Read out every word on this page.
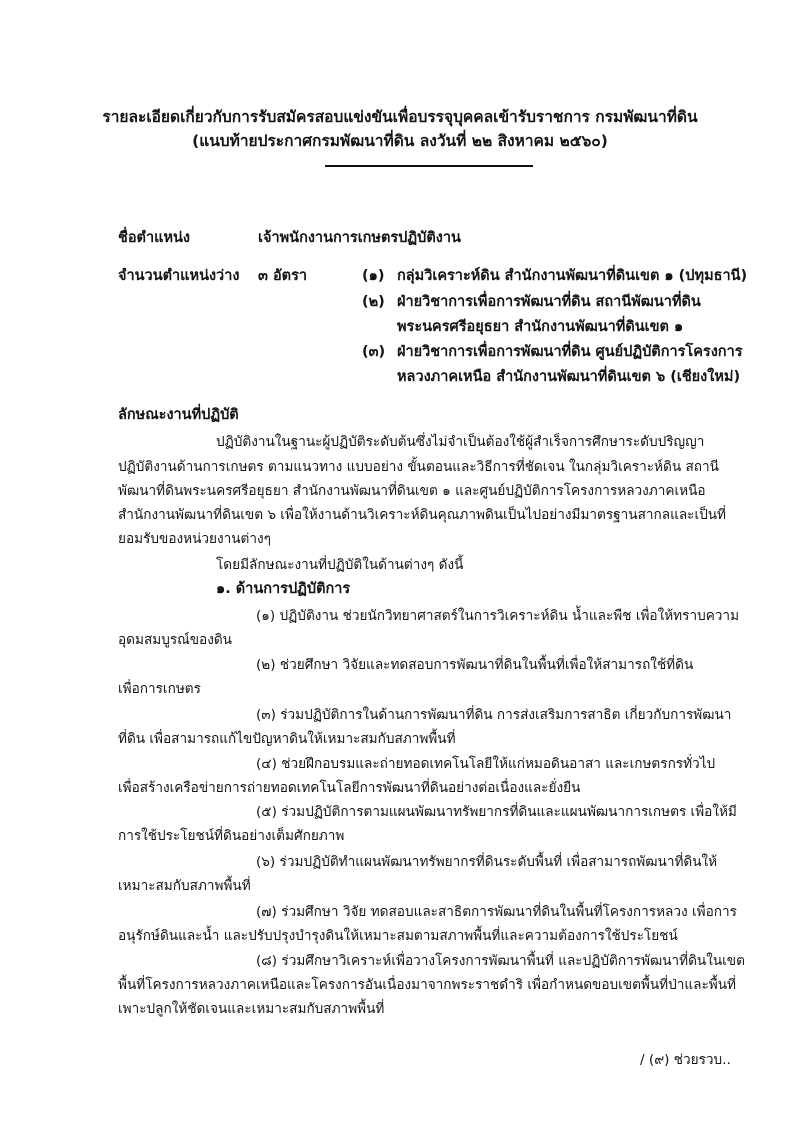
รายละเอียดเกี่ยวกับการรับสมัครสอบแข่งขันเพื่อบรรจุบุคคลเข้ารับราชการ กรมพัฒนาที่ดิน
(แนบท้ายประกาศกรมพัฒนาที่ดิน ลงวันที่ ๒๒ สิงหาคม ๒๕๖๐)
ชื่อตำแหน่ง	เจ้าพนักงานการเกษตรปฏิบัติงาน
จำนวนตำแหน่งว่าง ๓ อัตรา	(๑) กลุ่มวิเคราะห์ดิน สำนักงานพัฒนาที่ดินเขต ๑ (ปทุมธานี)
(๒) ฝ่ายวิชาการเพื่อการพัฒนาที่ดิน สถานีพัฒนาที่ดิน
พระนครศรีอยุธยา สำนักงานพัฒนาที่ดินเขต ๑
(๓) ฝ่ายวิชาการเพื่อการพัฒนาที่ดิน ศูนย์ปฏิบัติการโครงการ
หลวงภาคเหนือ สำนักงานพัฒนาที่ดินเขต ๖ (เชียงใหม่)
ลักษณะงานที่ปฏิบัติ
ปฏิบัติงานในฐานะผู้ปฏิบัติระดับต้นซึ่งไม่จำเป็นต้องใช้ผู้สำเร็จการศึกษาระดับปริญญา
ปฏิบัติงานด้านการเกษตร ตามแนวทาง แบบอย่าง ขั้นตอนและวิธีการที่ชัดเจน ในกลุ่มวิเคราะห์ดิน สถานี
พัฒนาที่ดินพระนครศรีอยุธยา สำนักงานพัฒนาที่ดินเขต ๑ และศูนย์ปฏิบัติการโครงการหลวงภาคเหนือ
สำนักงานพัฒนาที่ดินเขต ๖ เพื่อให้งานด้านวิเคราะห์ดินคุณภาพดินเป็นไปอย่างมีมาตรฐานสากลและเป็นที่
ยอมรับของหน่วยงานต่างๆ
โดยมีลักษณะงานที่ปฏิบัติในด้านต่างๆ ดังนี้
๑. ด้านการปฏิบัติการ
(๑) ปฏิบัติงาน ช่วยนักวิทยาศาสตร์ในการวิเคราะห์ดิน น้ำและพืช เพื่อให้ทราบความ
อุดมสมบูรณ์ของดิน
(๒) ช่วยศึกษา วิจัยและทดสอบการพัฒนาที่ดินในพื้นที่เพื่อให้สามารถใช้ที่ดิน
เพื่อการเกษตร
(๓) ร่วมปฏิบัติการในด้านการพัฒนาที่ดิน การส่งเสริมการสาธิต เกี่ยวกับการพัฒนา
ที่ดิน เพื่อสามารถแก้ไขปัญหาดินให้เหมาะสมกับสภาพพื้นที่
(๔) ช่วยฝึกอบรมและถ่ายทอดเทคโนโลยีให้แก่หมอดินอาสา และเกษตรกรทั่วไป
เพื่อสร้างเครือข่ายการถ่ายทอดเทคโนโลยีการพัฒนาที่ดินอย่างต่อเนื่องและยั่งยืน
(๕) ร่วมปฏิบัติการตามแผนพัฒนาทรัพยากรที่ดินและแผนพัฒนาการเกษตร เพื่อให้มี
การใช้ประโยชน์ที่ดินอย่างเต็มศักยภาพ
(๖) ร่วมปฏิบัติทำแผนพัฒนาทรัพยากรที่ดินระดับพื้นที่ เพื่อสามารถพัฒนาที่ดินให้
เหมาะสมกับสภาพพื้นที่
(๗) ร่วมศึกษา วิจัย ทดสอบและสาธิตการพัฒนาที่ดินในพื้นที่โครงการหลวง เพื่อการ
อนุรักษ์ดินและน้ำ และปรับปรุงบำรุงดินให้เหมาะสมตามสภาพพื้นที่และความต้องการใช้ประโยชน์
(๘) ร่วมศึกษาวิเคราะห์เพื่อวางโครงการพัฒนาพื้นที่ และปฏิบัติการพัฒนาที่ดินในเขต
พื้นที่โครงการหลวงภาคเหนือและโครงการอันเนื่องมาจากพระราชดำริ เพื่อกำหนดขอบเขตพื้นที่ป่าและพื้นที่
เพาะปลูกให้ชัดเจนและเหมาะสมกับสภาพพื้นที่
/ (๙) ช่วยรวบ..
